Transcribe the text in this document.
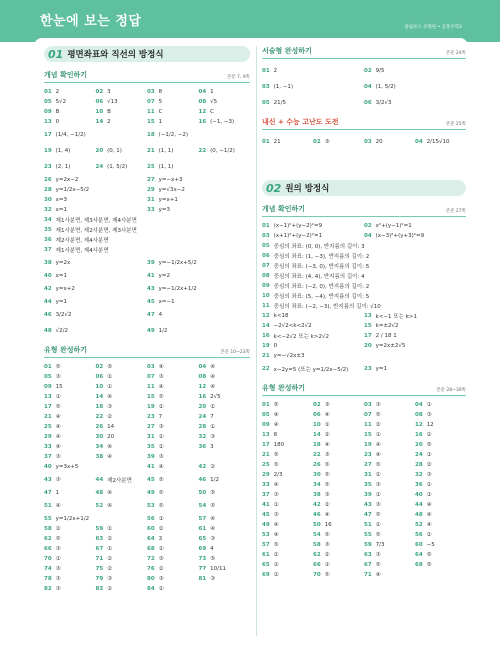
한눈에 보는 정답	올림포스 유형편 • 공통수학2
01 평면좌표와 직선의 방정식
개념 확인하기	본문 7, 9쪽
01 2	02 3	03 8	04 1
05 5√2	06 √13	07 5	08 √5
09 B	10 B	11 C	12 C
13 0	14 2	15 1	16 (−1, −3)
17 (1/4, −1/2)	18 (−1/2, −2)
19 (1, 4)	20 (0, 1)	21 (1, 1)	22 (0, −1/2)
23 (2, 1)	24 (1, 5/2)	25 (1, 1)
26 y=2x−2	27 y=−x+3
28 y=1/2x−5/2	29 y=√3x−2
30 x=3	31 y=x+1
32 x=1	33 y=3
34 제1사분면, 제3사분면, 제4사분면
35 제1사분면, 제2사분면, 제3사분면
36 제2사분면, 제4사분면
37 제1사분면, 제4사분면
38 y=2x	39 y=−1/2x+5/2
40 x=1	41 y=2
42 y=x+2	43 y=−1/2x+1/2
44 y=1	45 x=−1
46 3/2√2	47 4
48 √2/2	49 1/2
유형 완성하기	본문 10~23쪽
01 ⑤	02 ⑤	03 ④	04 ④
05 ③	06 ①	07 ③	08 ④
09 15	10 ①	11 ④	12 ④
13 ①	14 ④	15 ⑤	16 2√5
17 ⑤	18 ③	19 ②	20 ①
21 ④	22 ②	23 7	24 7
25 ④	26 14	27 ③	28 ①
29 ④	30 20	31 ②	32 ③
33 ④	34 ④	35 ②	36 3
37 ③	38 ④	39 ③
40 y=3x+5	41 ④	42 ②
43 ③	44 제2사분면	45 ⑤	46 1/2
47 1	48 ④	49 ⑤	50 ⑤
51 ④	52 ④	53 ⑤	54 ⑤
55 y=1/2x+1/2	56 ①	57 ④
58 ②	59 ①	60 ②	61 ④
62 ⑤	63 ②	64 3	65 ③
66 ③	67 ①	68 ②	69 4
70 ①	71 ②	72 ③	73 ⑤
74 ③	75 ②	76 ②	77 10/11
78 ③	79 ③	80 ③	81 ③
82 ③	83 ②	84 ②
서술형 완성하기	본문 24쪽
01 2	02 9/5
03 (1, −1)	04 (1, 5/2)
05 21/5	06 3/2√3
내신 + 수능 고난도 도전	본문 25쪽
01 21	02 ③	03 20	04 2/15√10
02 원의 방정식
개념 확인하기	본문 27쪽
01 (x−1)²+(y−2)²=9	02 x²+(y−1)²=1
03 (x+1)²+(y−2)²=1	04 (x−3)²+(y+3)²=9
05 중심의 좌표: (0, 0), 반지름의 길이: 3
06 중심의 좌표: (1, −3), 반지름의 길이: 2
07 중심의 좌표: (−3, 0), 반지름의 길이: 5
08 중심의 좌표: (4, 4), 반지름의 길이: 4
09 중심의 좌표: (−2, 0), 반지름의 길이: 2
10 중심의 좌표: (5, −4), 반지름의 길이: 5
11 중심의 좌표: (−2, −3), 반지름의 길이: √10
12 k<18	13 k<−1 또는 k>1
14 −2√2<k<2√2	15 k=±2√2
16 k<−2√2 또는 k>2√2	17 2 / 18 1
19 0	20 y=2x±2√5
21 y=−√2x±3
22 x−2y=5 (또는 y=1/2x−5/2)	23 y=1
유형 완성하기	본문 28~39쪽
01 ⑤	02 ③	03 ③	04 ①
05 ④	06 ④	07 ⑤	08 ③
09 ④	10 ①	11 ②	12 12
13 8	14 ②	15 ①	16 ②
17 180	18 ④	19 ④	20 ⑤
21 ⑤	22 ③	23 ④	24 ①
25 ⑤	26 ⑤	27 ⑤	28 ②
29 2/3	30 ⑤	31 ②	32 ③
33 ④	34 ⑤	35 ③	36 ②
37 ③	38 ③	39 ①	40 ①
41 ①	42 ②	43 ③	44 ④
45 ③	46 ④	47 ⑤	48 ④
49 ④	50 16	51 ②	52 ④
53 ④	54 ⑤	55 ⑤	56 ②
57 ⑤	58 ③	59 7/3	60 −5
61 ②	62 ②	63 ③	64 ⑤
65 ①	66 ①	67 ⑤	68 ⑤
69 ①	70 ⑤	71 ④
